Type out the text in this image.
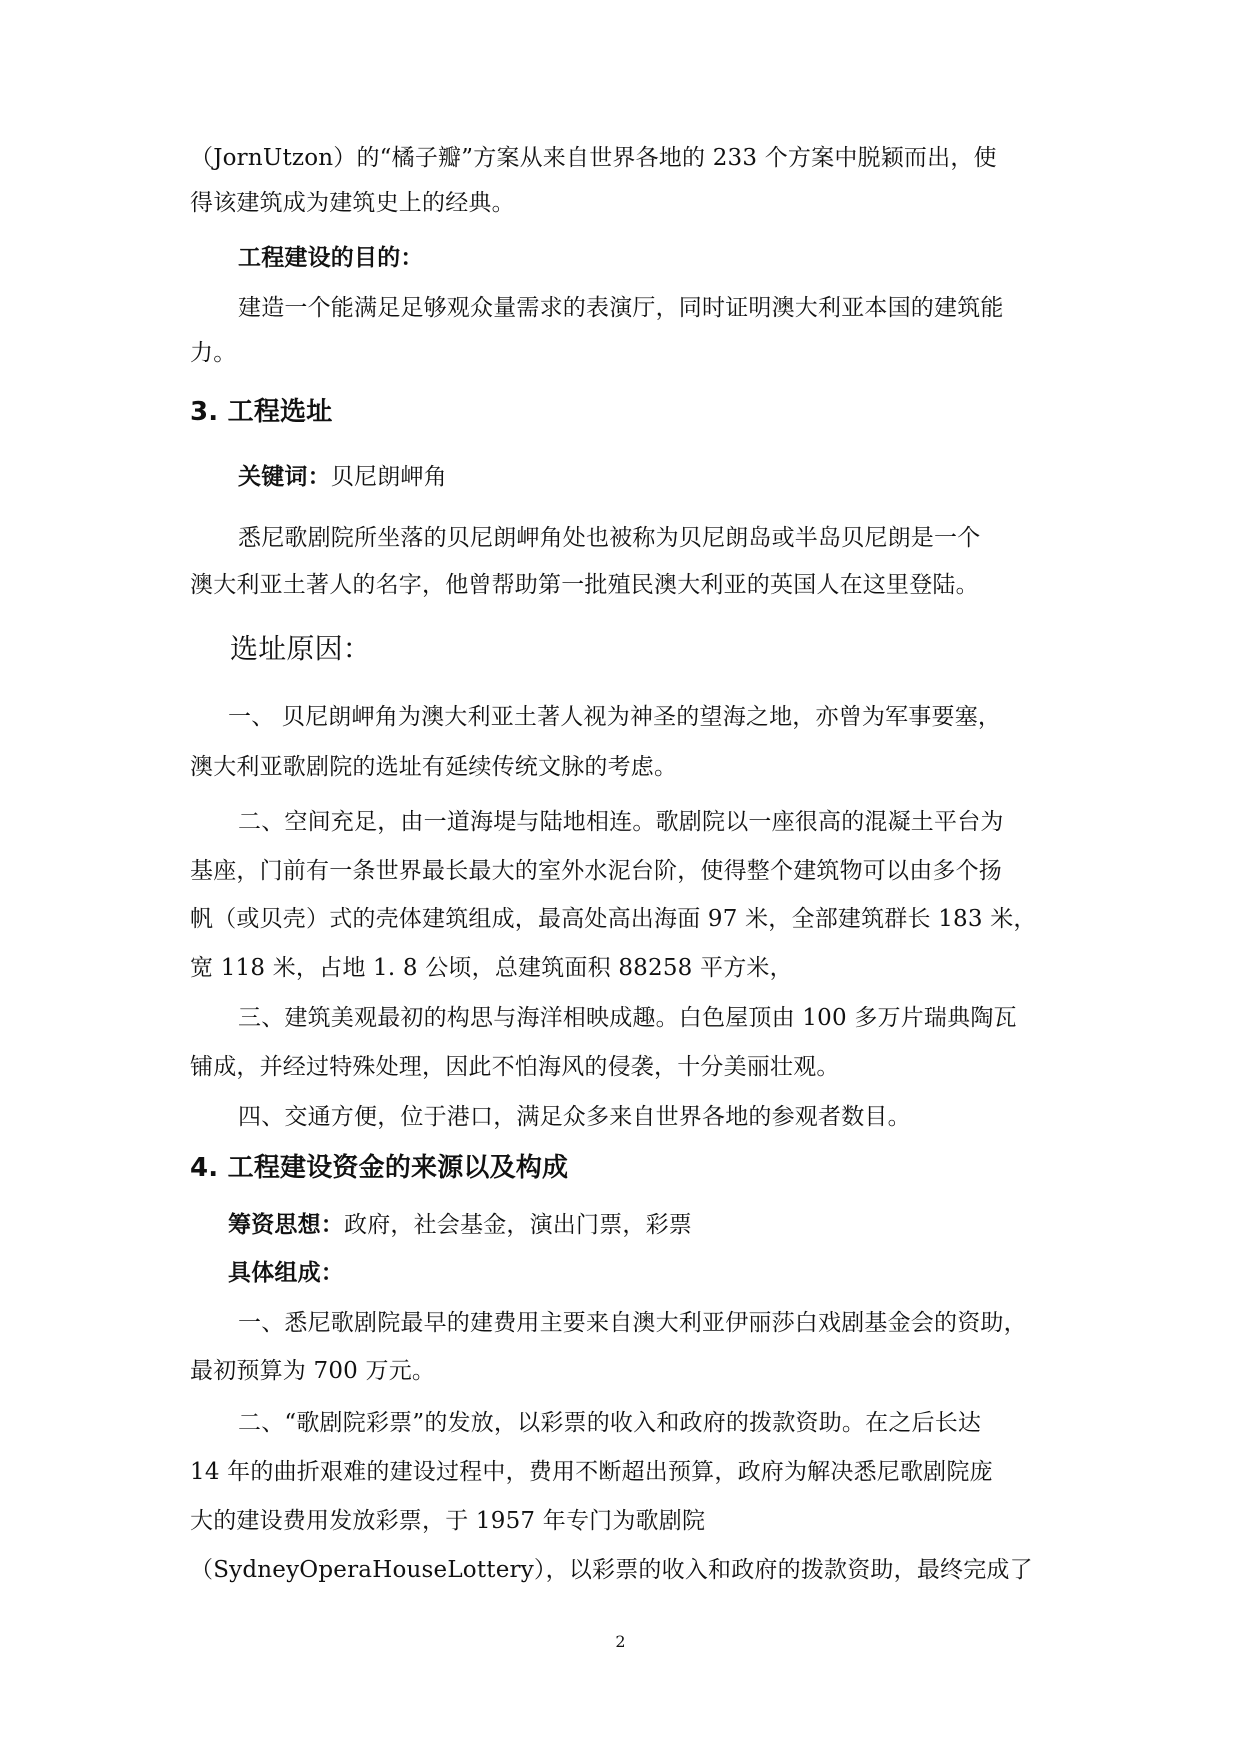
（JornUtzon）的“橘子瓣”方案从来自世界各地的 233 个方案中脱颖而出，使
得该建筑成为建筑史上的经典。
工程建设的目的：
建造一个能满足足够观众量需求的表演厅，同时证明澳大利亚本国的建筑能
力。
3. 工程选址
关键词：贝尼朗岬角
悉尼歌剧院所坐落的贝尼朗岬角处也被称为贝尼朗岛或半岛贝尼朗是一个
澳大利亚土著人的名字，他曾帮助第一批殖民澳大利亚的英国人在这里登陆。
选址原因：
一、 贝尼朗岬角为澳大利亚土著人视为神圣的望海之地，亦曾为军事要塞，
澳大利亚歌剧院的选址有延续传统文脉的考虑。
二、空间充足，由一道海堤与陆地相连。歌剧院以一座很高的混凝土平台为
基座，门前有一条世界最长最大的室外水泥台阶，使得整个建筑物可以由多个扬
帆（或贝壳）式的壳体建筑组成，最高处高出海面 97 米，全部建筑群长 183 米，
宽 118 米，占地 1. 8 公顷，总建筑面积 88258 平方米，
三、建筑美观最初的构思与海洋相映成趣。白色屋顶由 100 多万片瑞典陶瓦
铺成，并经过特殊处理，因此不怕海风的侵袭，十分美丽壮观。
四、交通方便，位于港口，满足众多来自世界各地的参观者数目。
4. 工程建设资金的来源以及构成
筹资思想：政府，社会基金，演出门票，彩票
具体组成：
一、悉尼歌剧院最早的建费用主要来自澳大利亚伊丽莎白戏剧基金会的资助，
最初预算为 700 万元。
二、“歌剧院彩票”的发放，以彩票的收入和政府的拨款资助。在之后长达
14 年的曲折艰难的建设过程中，费用不断超出预算，政府为解决悉尼歌剧院庞
大的建设费用发放彩票，于 1957 年专门为歌剧院
（SydneyOperaHouseLottery），以彩票的收入和政府的拨款资助，最终完成了
2
